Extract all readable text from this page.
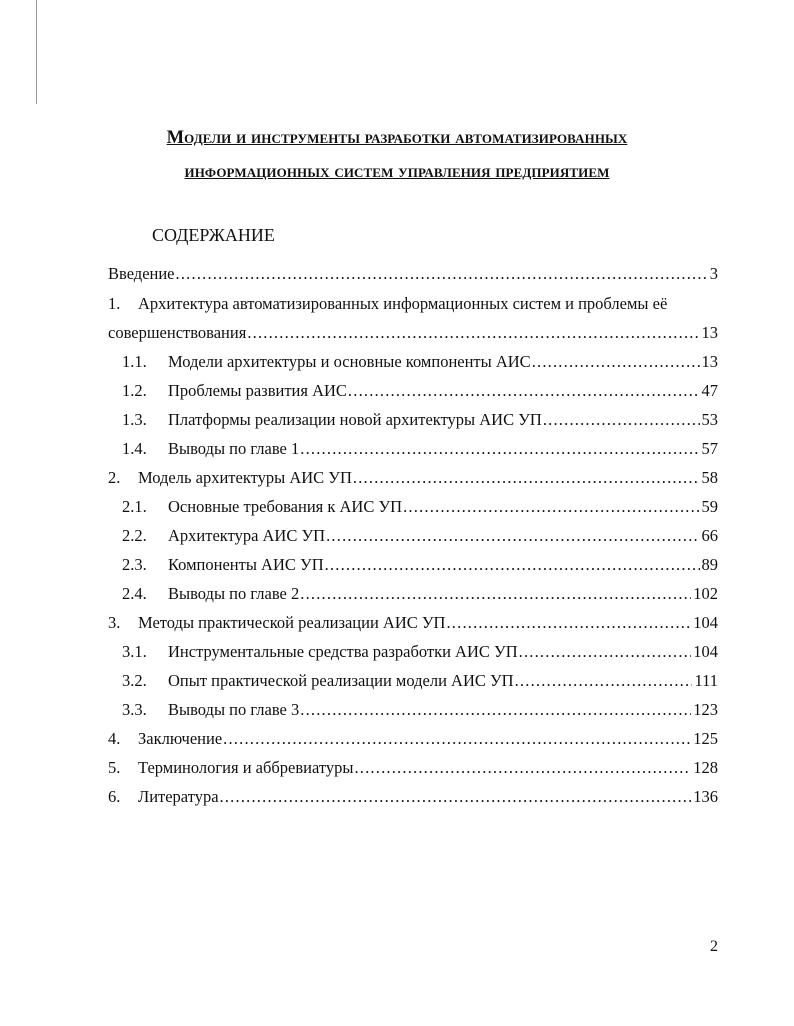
Модели и инструменты разработки автоматизированных
информационных систем управления предприятием
СОДЕРЖАНИЕ
Введение .....	3
1.	Архитектура автоматизированных информационных систем и проблемы её
совершенствования .....	13
1.1.	Модели архитектуры и основные компоненты АИС .....	13
1.2.	Проблемы развития АИС .....	47
1.3.	Платформы реализации новой архитектуры АИС УП .....	53
1.4.	Выводы по главе 1 .....	57
2.	Модель архитектуры АИС УП .....	58
2.1.	Основные требования к АИС УП .....	59
2.2.	Архитектура АИС УП .....	66
2.3.	Компоненты АИС УП .....	89
2.4.	Выводы по главе 2 .....	102
3.	Методы практической реализации АИС УП .....	104
3.1.	Инструментальные средства разработки АИС УП .....	104
3.2.	Опыт практической реализации модели АИС УП .....	111
3.3.	Выводы по главе 3 .....	123
4.	Заключение .....	125
5.	Терминология и аббревиатуры .....	128
6.	Литература .....	136
2
